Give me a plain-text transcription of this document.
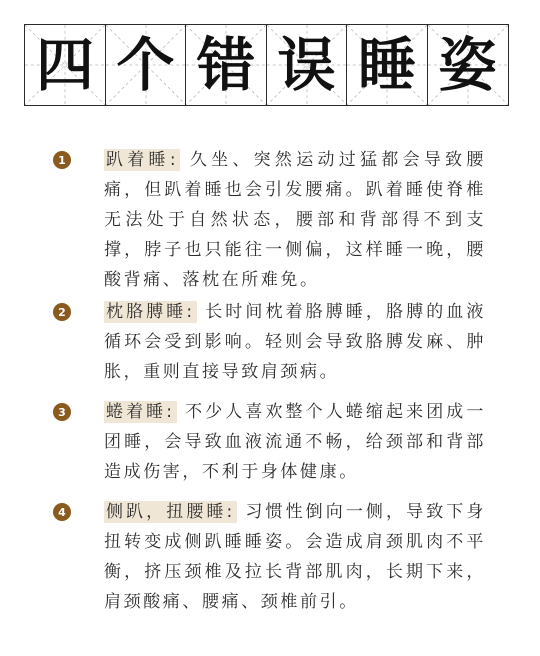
四 个 错 误 睡 姿
1	趴着睡: 久坐、突然运动过猛都会导致腰痛，但趴着睡也会引发腰痛。趴着睡使脊椎无法处于自然状态，腰部和背部得不到支撑，脖子也只能往一侧偏，这样睡一晚，腰酸背痛、落枕在所难免。
2	枕胳膊睡: 长时间枕着胳膊睡，胳膊的血液循环会受到影响。轻则会导致胳膊发麻、肿胀，重则直接导致肩颈病。
3	蜷着睡: 不少人喜欢整个人蜷缩起来团成一团睡，会导致血液流通不畅，给颈部和背部造成伤害，不利于身体健康。
4	侧趴，扭腰睡: 习惯性倒向一侧，导致下身扭转变成侧趴睡睡姿。会造成肩颈肌肉不平衡，挤压颈椎及拉长背部肌肉，长期下来，肩颈酸痛、腰痛、颈椎前引。
